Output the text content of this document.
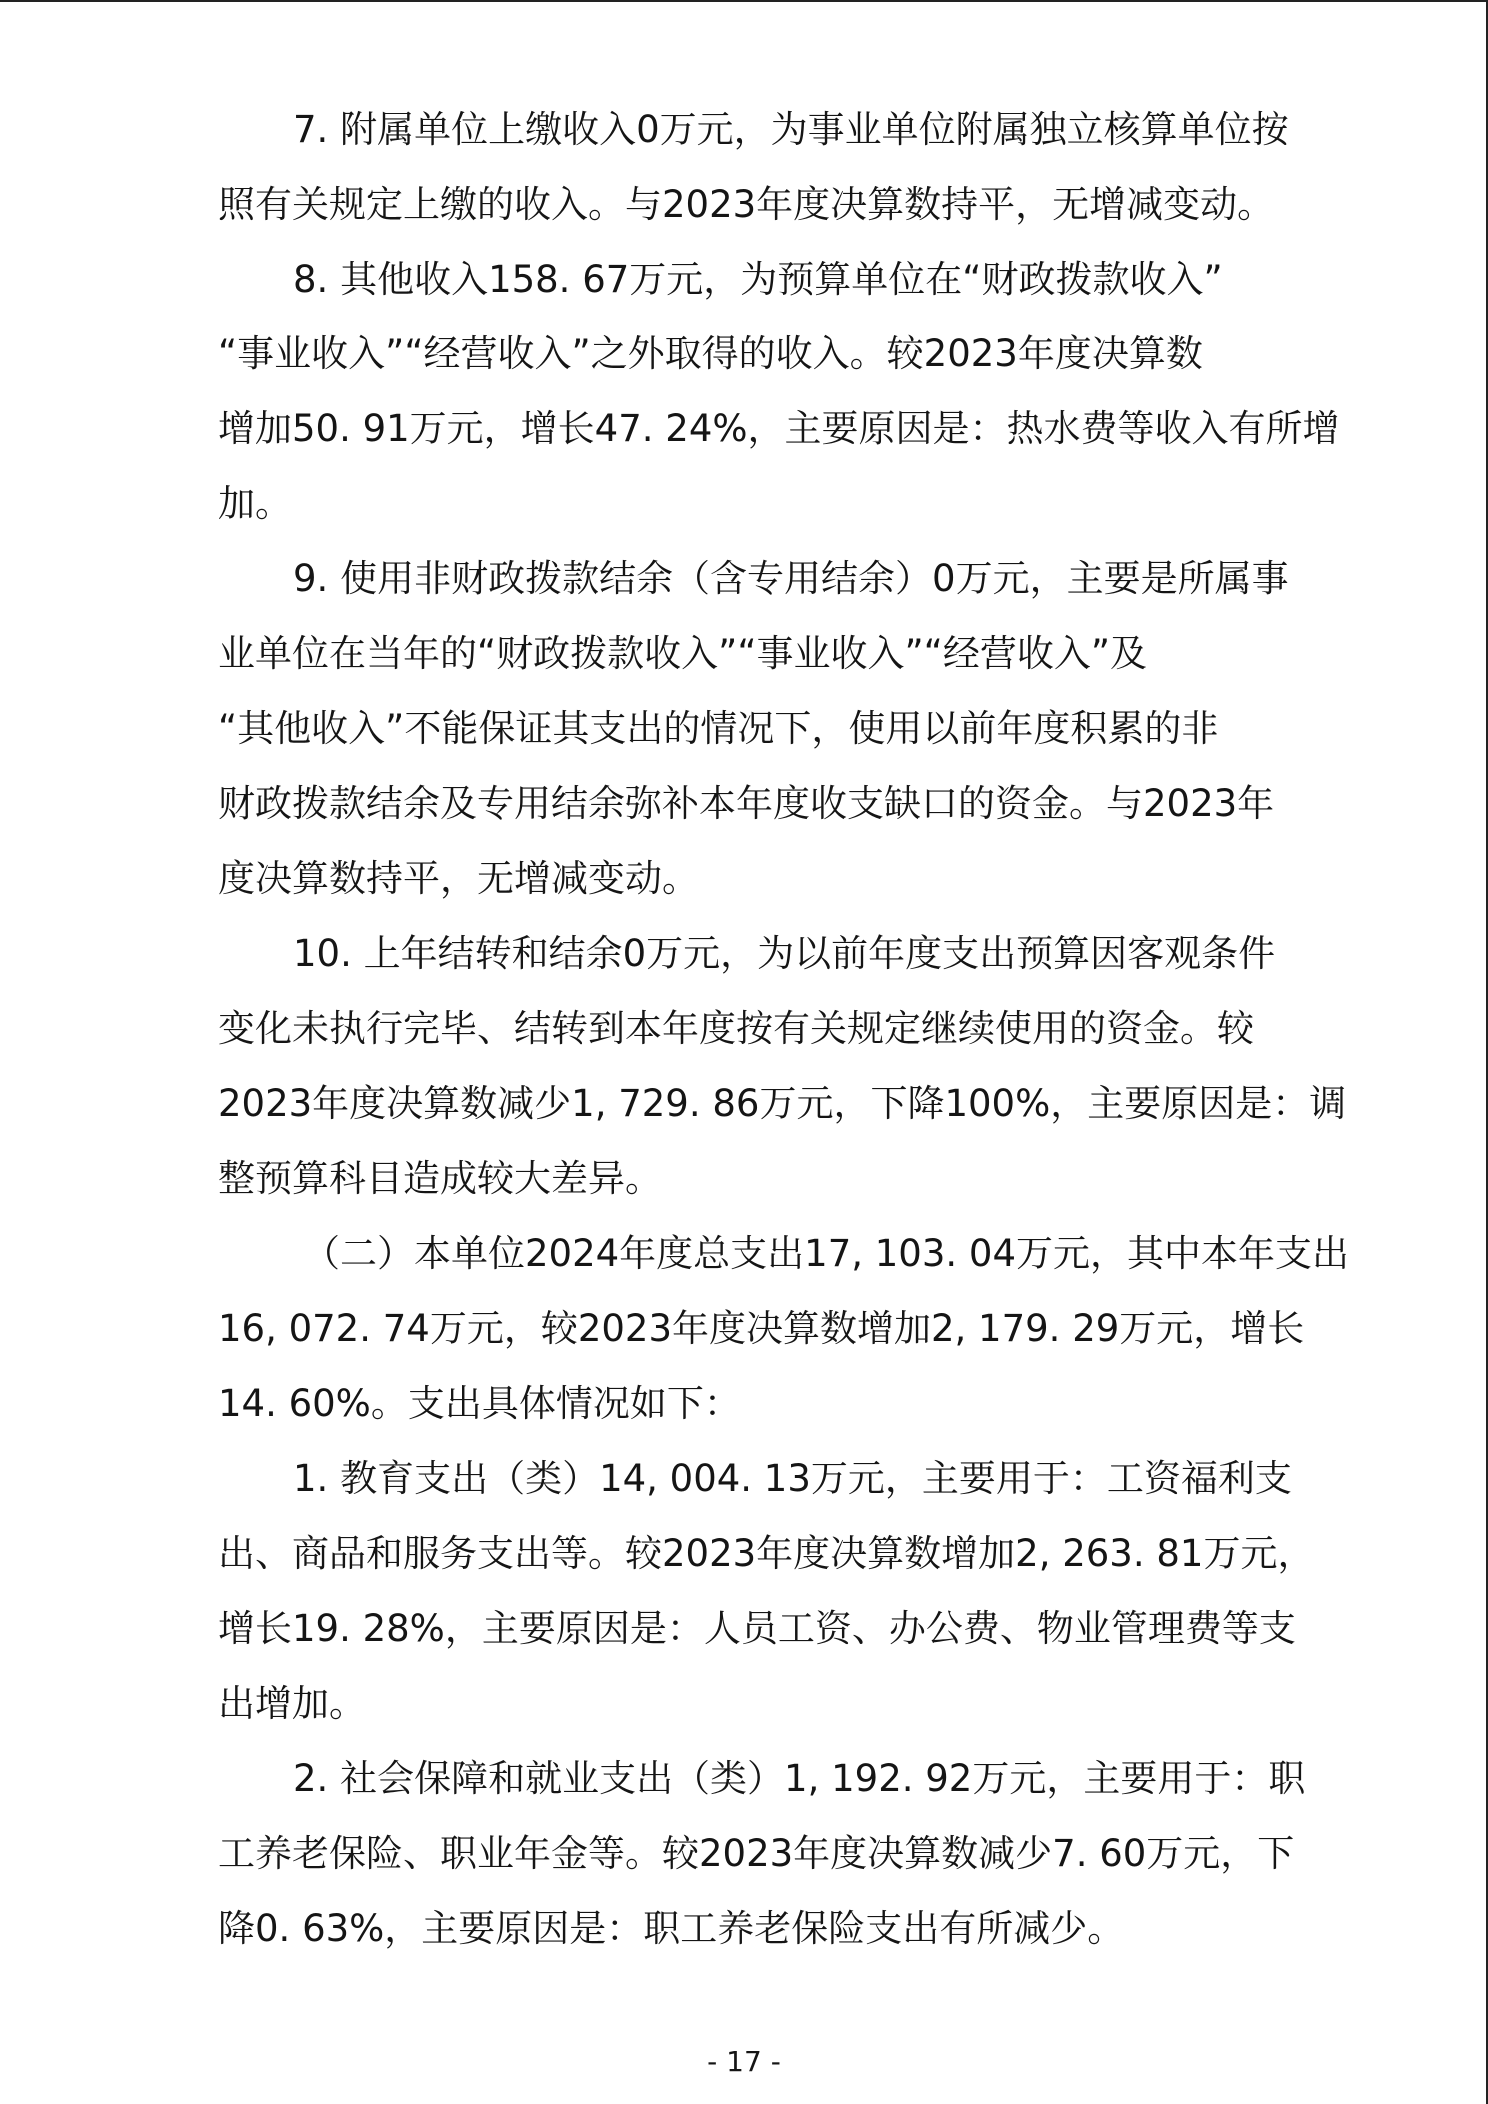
7. 附属单位上缴收入0万元，为事业单位附属独立核算单位按
照有关规定上缴的收入。与2023年度决算数持平，无增减变动。
8. 其他收入158. 67万元，为预算单位在“财政拨款收入”
“事业收入”“经营收入”之外取得的收入。较2023年度决算数
增加50. 91万元，增长47. 24%，主要原因是：热水费等收入有所增
加。
9. 使用非财政拨款结余（含专用结余）0万元，主要是所属事
业单位在当年的“财政拨款收入”“事业收入”“经营收入”及
“其他收入”不能保证其支出的情况下，使用以前年度积累的非
财政拨款结余及专用结余弥补本年度收支缺口的资金。与2023年
度决算数持平，无增减变动。
10. 上年结转和结余0万元，为以前年度支出预算因客观条件
变化未执行完毕、结转到本年度按有关规定继续使用的资金。较
2023年度决算数减少1, 729. 86万元，下降100%，主要原因是：调
整预算科目造成较大差异。
（二）本单位2024年度总支出17, 103. 04万元，其中本年支出
16, 072. 74万元，较2023年度决算数增加2, 179. 29万元，增长
14. 60%。支出具体情况如下：
1. 教育支出（类）14, 004. 13万元，主要用于：工资福利支
出、商品和服务支出等。较2023年度决算数增加2, 263. 81万元，
增长19. 28%，主要原因是：人员工资、办公费、物业管理费等支
出增加。
2. 社会保障和就业支出（类）1, 192. 92万元，主要用于：职
工养老保险、职业年金等。较2023年度决算数减少7. 60万元，下
降0. 63%，主要原因是：职工养老保险支出有所减少。
- 17 -
